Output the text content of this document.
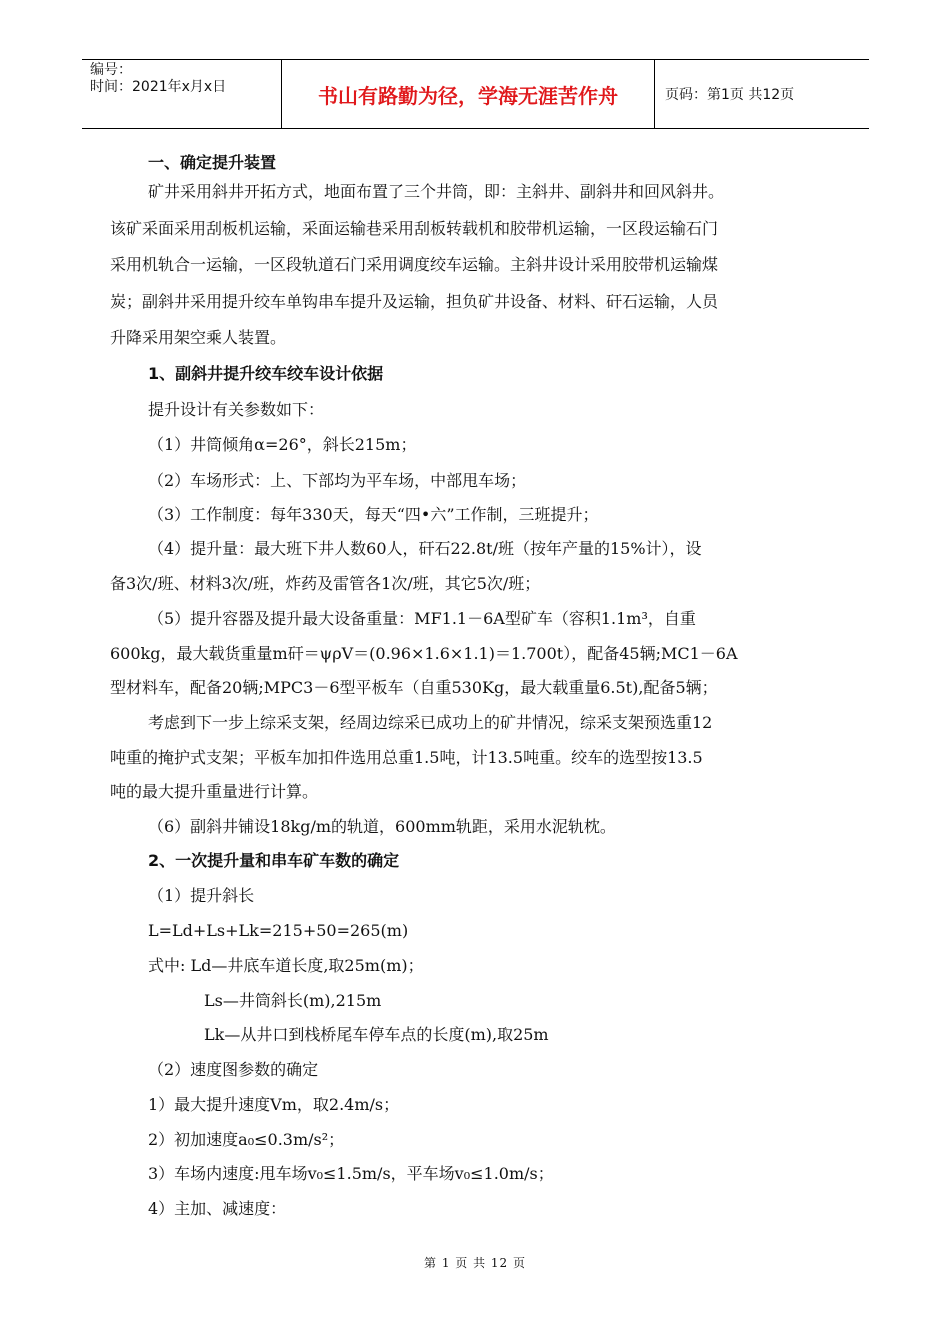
编号：
时间：2021年x月x日	书山有路勤为径，学海无涯苦作舟	页码：第1页 共12页
一、确定提升装置
矿井采用斜井开拓方式，地面布置了三个井筒，即：主斜井、副斜井和回风斜井。
该矿采面采用刮板机运输，采面运输巷采用刮板转载机和胶带机运输，一区段运输石门
采用机轨合一运输，一区段轨道石门采用调度绞车运输。主斜井设计采用胶带机运输煤
炭；副斜井采用提升绞车单钩串车提升及运输，担负矿井设备、材料、矸石运输，人员
升降采用架空乘人装置。
1、副斜井提升绞车绞车设计依据
提升设计有关参数如下：
（1）井筒倾角α=26°，斜长215m；
（2）车场形式：上、下部均为平车场，中部甩车场；
（3）工作制度：每年330天，每天“四•六”工作制，三班提升；
（4）提升量：最大班下井人数60人，矸石22.8t/班（按年产量的15%计），设
备3次/班、材料3次/班，炸药及雷管各1次/班，其它5次/班；
（5）提升容器及提升最大设备重量：MF1.1－6A型矿车（容积1.1m³，自重
600kg，最大载货重量m矸＝ψρV＝(0.96×1.6×1.1)＝1.700t），配备45辆;MC1－6A
型材料车，配备20辆;MPC3－6型平板车（自重530Kg，最大载重量6.5t),配备5辆；
考虑到下一步上综采支架，经周边综采已成功上的矿井情况，综采支架预选重12
吨重的掩护式支架；平板车加扣件选用总重1.5吨，计13.5吨重。绞车的选型按13.5
吨的最大提升重量进行计算。
（6）副斜井铺设18kg/m的轨道，600mm轨距，采用水泥轨枕。
2、一次提升量和串车矿车数的确定
（1）提升斜长
L=Ld+Ls+Lk=215+50=265(m)
式中: Ld—井底车道长度,取25m(m)；
Ls—井筒斜长(m),215m
Lk—从井口到栈桥尾车停车点的长度(m),取25m
（2）速度图参数的确定
1）最大提升速度Vm，取2.4m/s；
2）初加速度a₀≤0.3m/s²；
3）车场内速度:甩车场v₀≤1.5m/s，平车场v₀≤1.0m/s；
4）主加、减速度：
第 1 页 共 12 页
